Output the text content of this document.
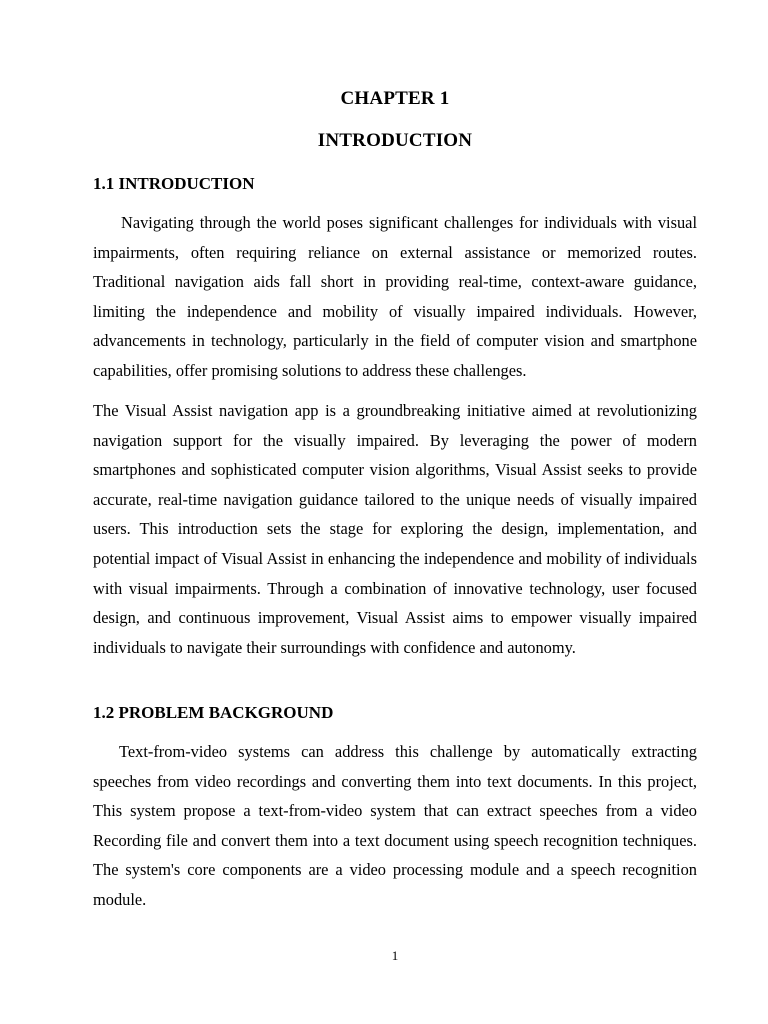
CHAPTER 1
INTRODUCTION
1.1 INTRODUCTION

Navigating through the world poses significant challenges for individuals with visual impairments, often requiring reliance on external assistance or memorized routes. Traditional navigation aids fall short in providing real-time, context-aware guidance, limiting the independence and mobility of visually impaired individuals. However, advancements in technology, particularly in the field of computer vision and smartphone capabilities, offer promising solutions to address these challenges.

The Visual Assist navigation app is a groundbreaking initiative aimed at revolutionizing navigation support for the visually impaired. By leveraging the power of modern smartphones and sophisticated computer vision algorithms, Visual Assist seeks to provide accurate, real-time navigation guidance tailored to the unique needs of visually impaired users. This introduction sets the stage for exploring the design, implementation, and potential impact of Visual Assist in enhancing the independence and mobility of individuals with visual impairments. Through a combination of innovative technology, user focused design, and continuous improvement, Visual Assist aims to empower visually impaired individuals to navigate their surroundings with confidence and autonomy.

1.2 PROBLEM BACKGROUND

Text-from-video systems can address this challenge by automatically extracting speeches from video recordings and converting them into text documents. In this project, This system propose a text-from-video system that can extract speeches from a video Recording file and convert them into a text document using speech recognition techniques. The system's core components are a video processing module and a speech recognition module.

1
